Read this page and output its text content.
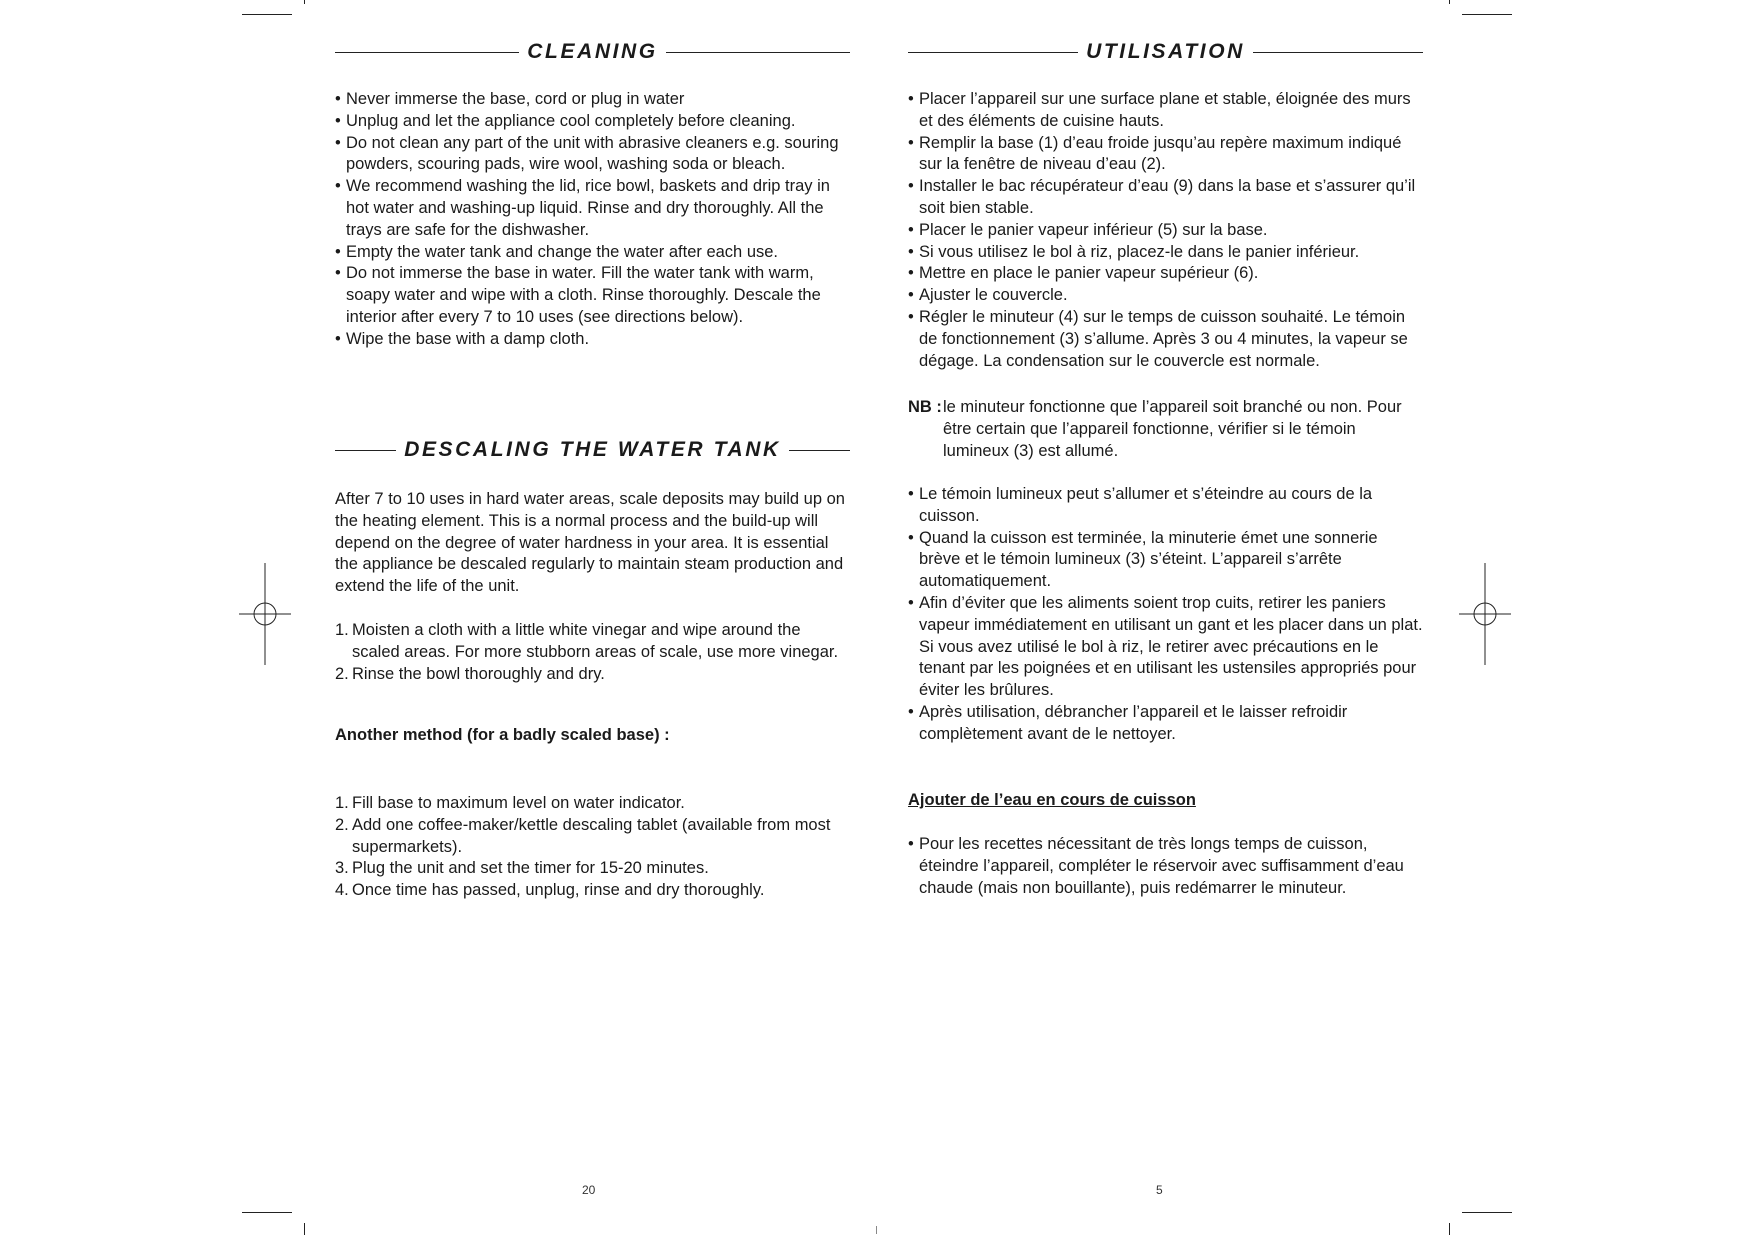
CLEANING
• Never immerse the base, cord or plug in water
• Unplug and let the appliance cool completely before cleaning.
• Do not clean any part of the unit with abrasive cleaners e.g. souring powders, scouring pads, wire wool, washing soda or bleach.
• We recommend washing the lid, rice bowl, baskets and drip tray in hot water and washing-up liquid. Rinse and dry thoroughly. All the trays are safe for the dishwasher.
• Empty the water tank and change the water after each use.
• Do not immerse the base in water. Fill the water tank with warm, soapy water and wipe with a cloth. Rinse thoroughly. Descale the interior after every 7 to 10 uses (see directions below).
• Wipe the base with a damp cloth.
DESCALING THE WATER TANK

After 7 to 10 uses in hard water areas, scale deposits may build up on the heating element. This is a normal process and the build-up will depend on the degree of water hardness in your area. It is essential the appliance be descaled regularly to maintain steam production and extend the life of the unit.

1. Moisten a cloth with a little white vinegar and wipe around the scaled areas. For more stubborn areas of scale, use more vinegar.
2. Rinse the bowl thoroughly and dry.

Another method (for a badly scaled base) :

1. Fill base to maximum level on water indicator.
2. Add one coffee-maker/kettle descaling tablet (available from most supermarkets).
3. Plug the unit and set the timer for 15-20 minutes.
4. Once time has passed, unplug, rinse and dry thoroughly.
UTILISATION
• Placer l’appareil sur une surface plane et stable, éloignée des murs et des éléments de cuisine hauts.
• Remplir la base (1) d’eau froide jusqu’au repère maximum indiqué sur la fenêtre de niveau d’eau (2).
• Installer le bac récupérateur d’eau (9) dans la base et s’assurer qu’il soit bien stable.
• Placer le panier vapeur inférieur (5) sur la base.
• Si vous utilisez le bol à riz, placez-le dans le panier inférieur.
• Mettre en place le panier vapeur supérieur (6).
• Ajuster le couvercle.
• Régler le minuteur (4) sur le temps de cuisson souhaité. Le témoin de fonctionnement (3) s’allume. Après 3 ou 4 minutes, la vapeur se dégage. La condensation sur le couvercle est normale.
NB : le minuteur fonctionne que l’appareil soit branché ou non. Pour être certain que l’appareil fonctionne, vérifier si le témoin lumineux (3) est allumé.
• Le témoin lumineux peut s’allumer et s’éteindre au cours de la cuisson.
• Quand la cuisson est terminée, la minuterie émet une sonnerie brève et le témoin lumineux (3) s’éteint. L’appareil s’arrête automatiquement.
• Afin d’éviter que les aliments soient trop cuits, retirer les paniers vapeur immédiatement en utilisant un gant et les placer dans un plat. Si vous avez utilisé le bol à riz, le retirer avec précautions en le tenant par les poignées et en utilisant les ustensiles appropriés pour éviter les brûlures.
• Après utilisation, débrancher l’appareil et le laisser refroidir complètement avant de le nettoyer.

Ajouter de l’eau en cours de cuisson

• Pour les recettes nécessitant de très longs temps de cuisson, éteindre l’appareil, compléter le réservoir avec suffisamment d’eau chaude (mais non bouillante), puis redémarrer le minuteur.
20	5
